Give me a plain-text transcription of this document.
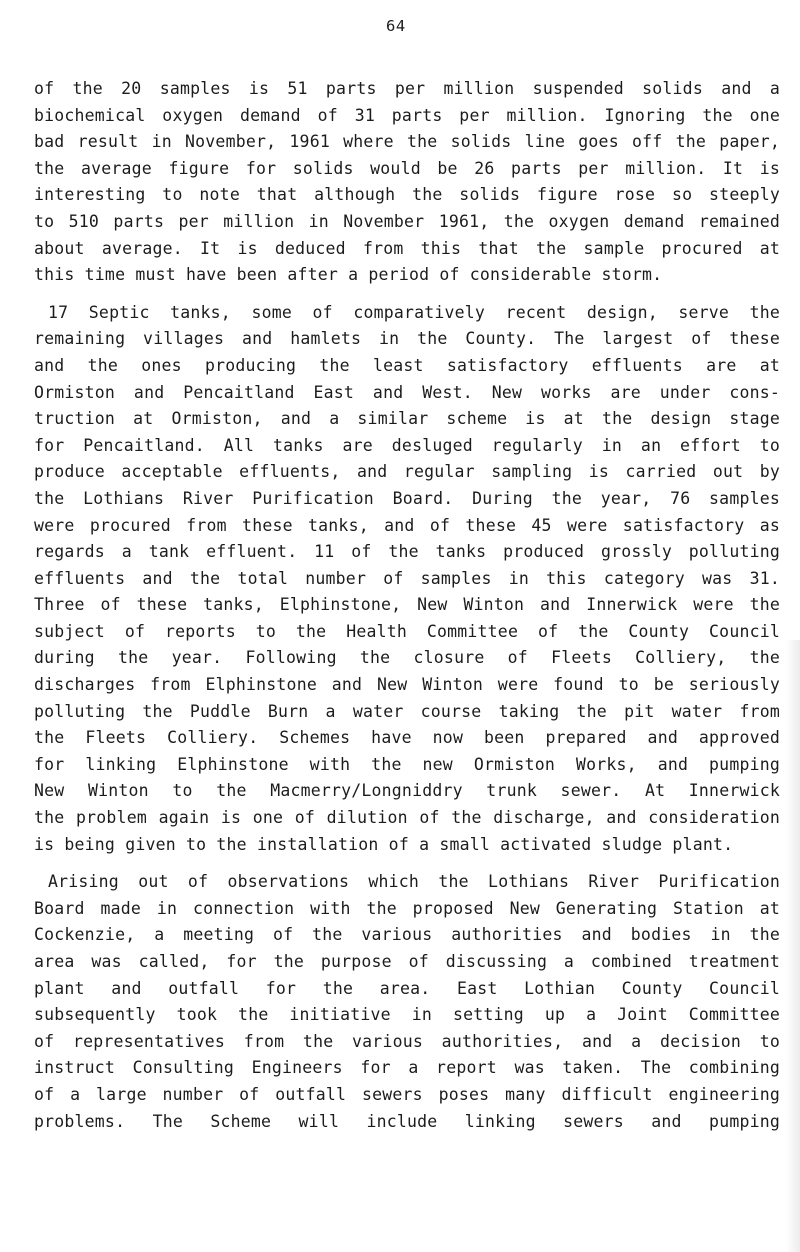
64
of the 20 samples is 51 parts per million suspended solids and a
biochemical oxygen demand of 31 parts per million. Ignoring the one
bad result in November, 1961 where the solids line goes off the paper,
the average figure for solids would be 26 parts per million. It is
interesting to note that although the solids figure rose so steeply
to 510 parts per million in November 1961, the oxygen demand remained
about average. It is deduced from this that the sample procured at
this time must have been after a period of considerable storm.
17 Septic tanks, some of comparatively recent design, serve the
remaining villages and hamlets in the County. The largest of these
and the ones producing the least satisfactory effluents are at
Ormiston and Pencaitland East and West. New works are under cons-
truction at Ormiston, and a similar scheme is at the design stage
for Pencaitland. All tanks are desluged regularly in an effort to
produce acceptable effluents, and regular sampling is carried out by
the Lothians River Purification Board. During the year, 76 samples
were procured from these tanks, and of these 45 were satisfactory as
regards a tank effluent. 11 of the tanks produced grossly polluting
effluents and the total number of samples in this category was 31.
Three of these tanks, Elphinstone, New Winton and Innerwick were the
subject of reports to the Health Committee of the County Council
during the year. Following the closure of Fleets Colliery, the
discharges from Elphinstone and New Winton were found to be seriously
polluting the Puddle Burn a water course taking the pit water from
the Fleets Colliery. Schemes have now been prepared and approved
for linking Elphinstone with the new Ormiston Works, and pumping
New Winton to the Macmerry/Longniddry trunk sewer. At Innerwick
the problem again is one of dilution of the discharge, and consideration
is being given to the installation of a small activated sludge plant.
Arising out of observations which the Lothians River Purification
Board made in connection with the proposed New Generating Station at
Cockenzie, a meeting of the various authorities and bodies in the
area was called, for the purpose of discussing a combined treatment
plant and outfall for the area. East Lothian County Council
subsequently took the initiative in setting up a Joint Committee
of representatives from the various authorities, and a decision to
instruct Consulting Engineers for a report was taken. The combining
of a large number of outfall sewers poses many difficult engineering
problems. The Scheme will include linking sewers and pumping
